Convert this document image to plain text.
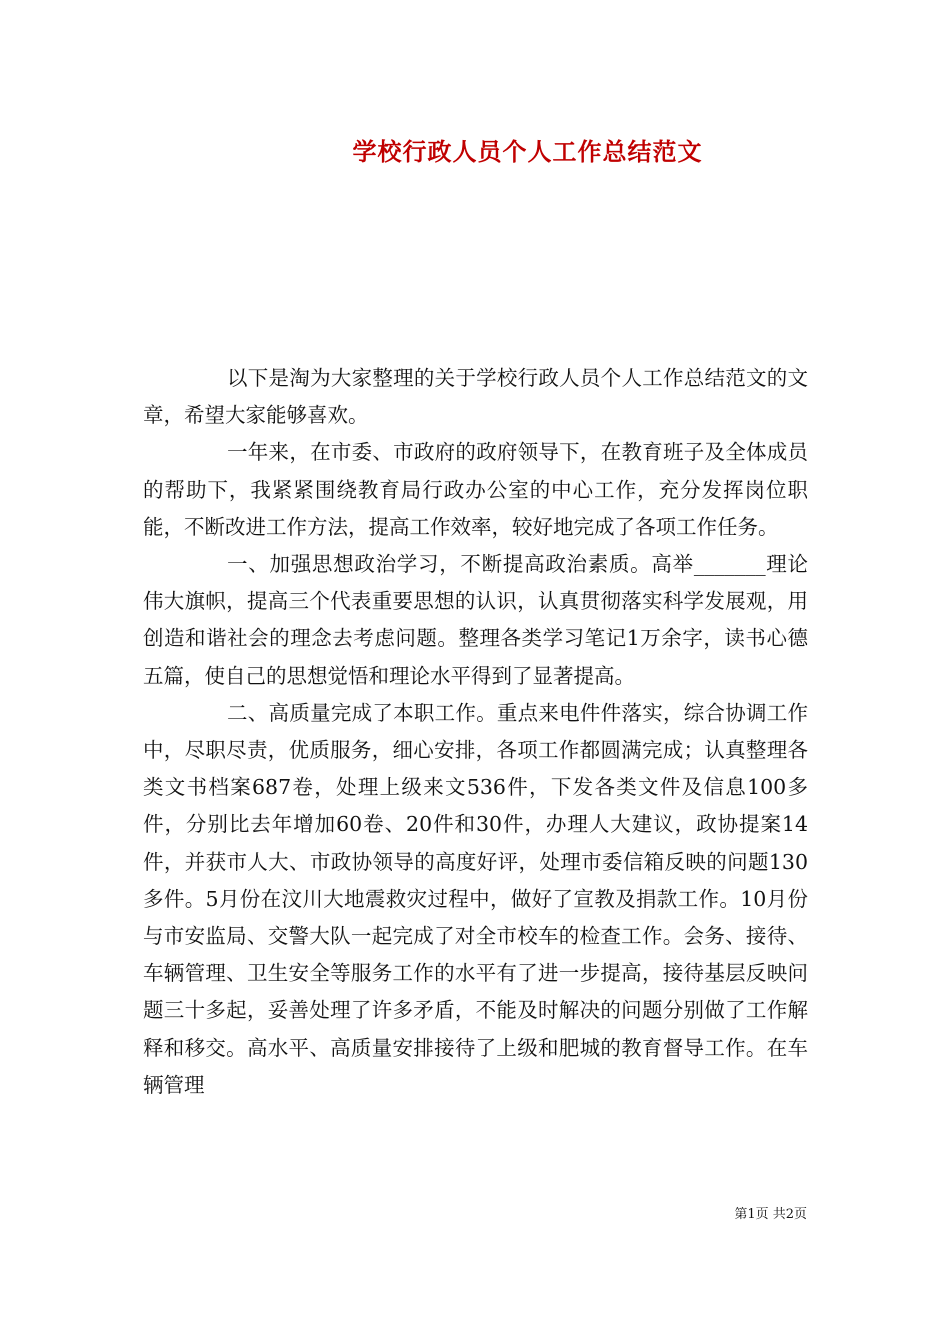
学校行政人员个人工作总结范文

以下是淘为大家整理的关于学校行政人员个人工作总结范文的文章，希望大家能够喜欢。

一年来，在市委、市政府的政府领导下，在教育班子及全体成员的帮助下，我紧紧围绕教育局行政办公室的中心工作，充分发挥岗位职能，不断改进工作方法，提高工作效率，较好地完成了各项工作任务。

一、加强思想政治学习，不断提高政治素质。高举_______理论伟大旗帜，提高三个代表重要思想的认识，认真贯彻落实科学发展观，用创造和谐社会的理念去考虑问题。整理各类学习笔记1万余字，读书心德五篇，使自己的思想觉悟和理论水平得到了显著提高。

二、高质量完成了本职工作。重点来电件件落实，综合协调工作中，尽职尽责，优质服务，细心安排，各项工作都圆满完成；认真整理各类文书档案687卷，处理上级来文536件，下发各类文件及信息100多件，分别比去年增加60卷、20件和30件，办理人大建议，政协提案14件，并获市人大、市政协领导的高度好评，处理市委信箱反映的问题130多件。5月份在汶川大地震救灾过程中，做好了宣教及捐款工作。10月份与市安监局、交警大队一起完成了对全市校车的检查工作。会务、接待、车辆管理、卫生安全等服务工作的水平有了进一步提高，接待基层反映问题三十多起，妥善处理了许多矛盾，不能及时解决的问题分别做了工作解释和移交。高水平、高质量安排接待了上级和肥城的教育督导工作。在车辆管理

第1页 共2页
